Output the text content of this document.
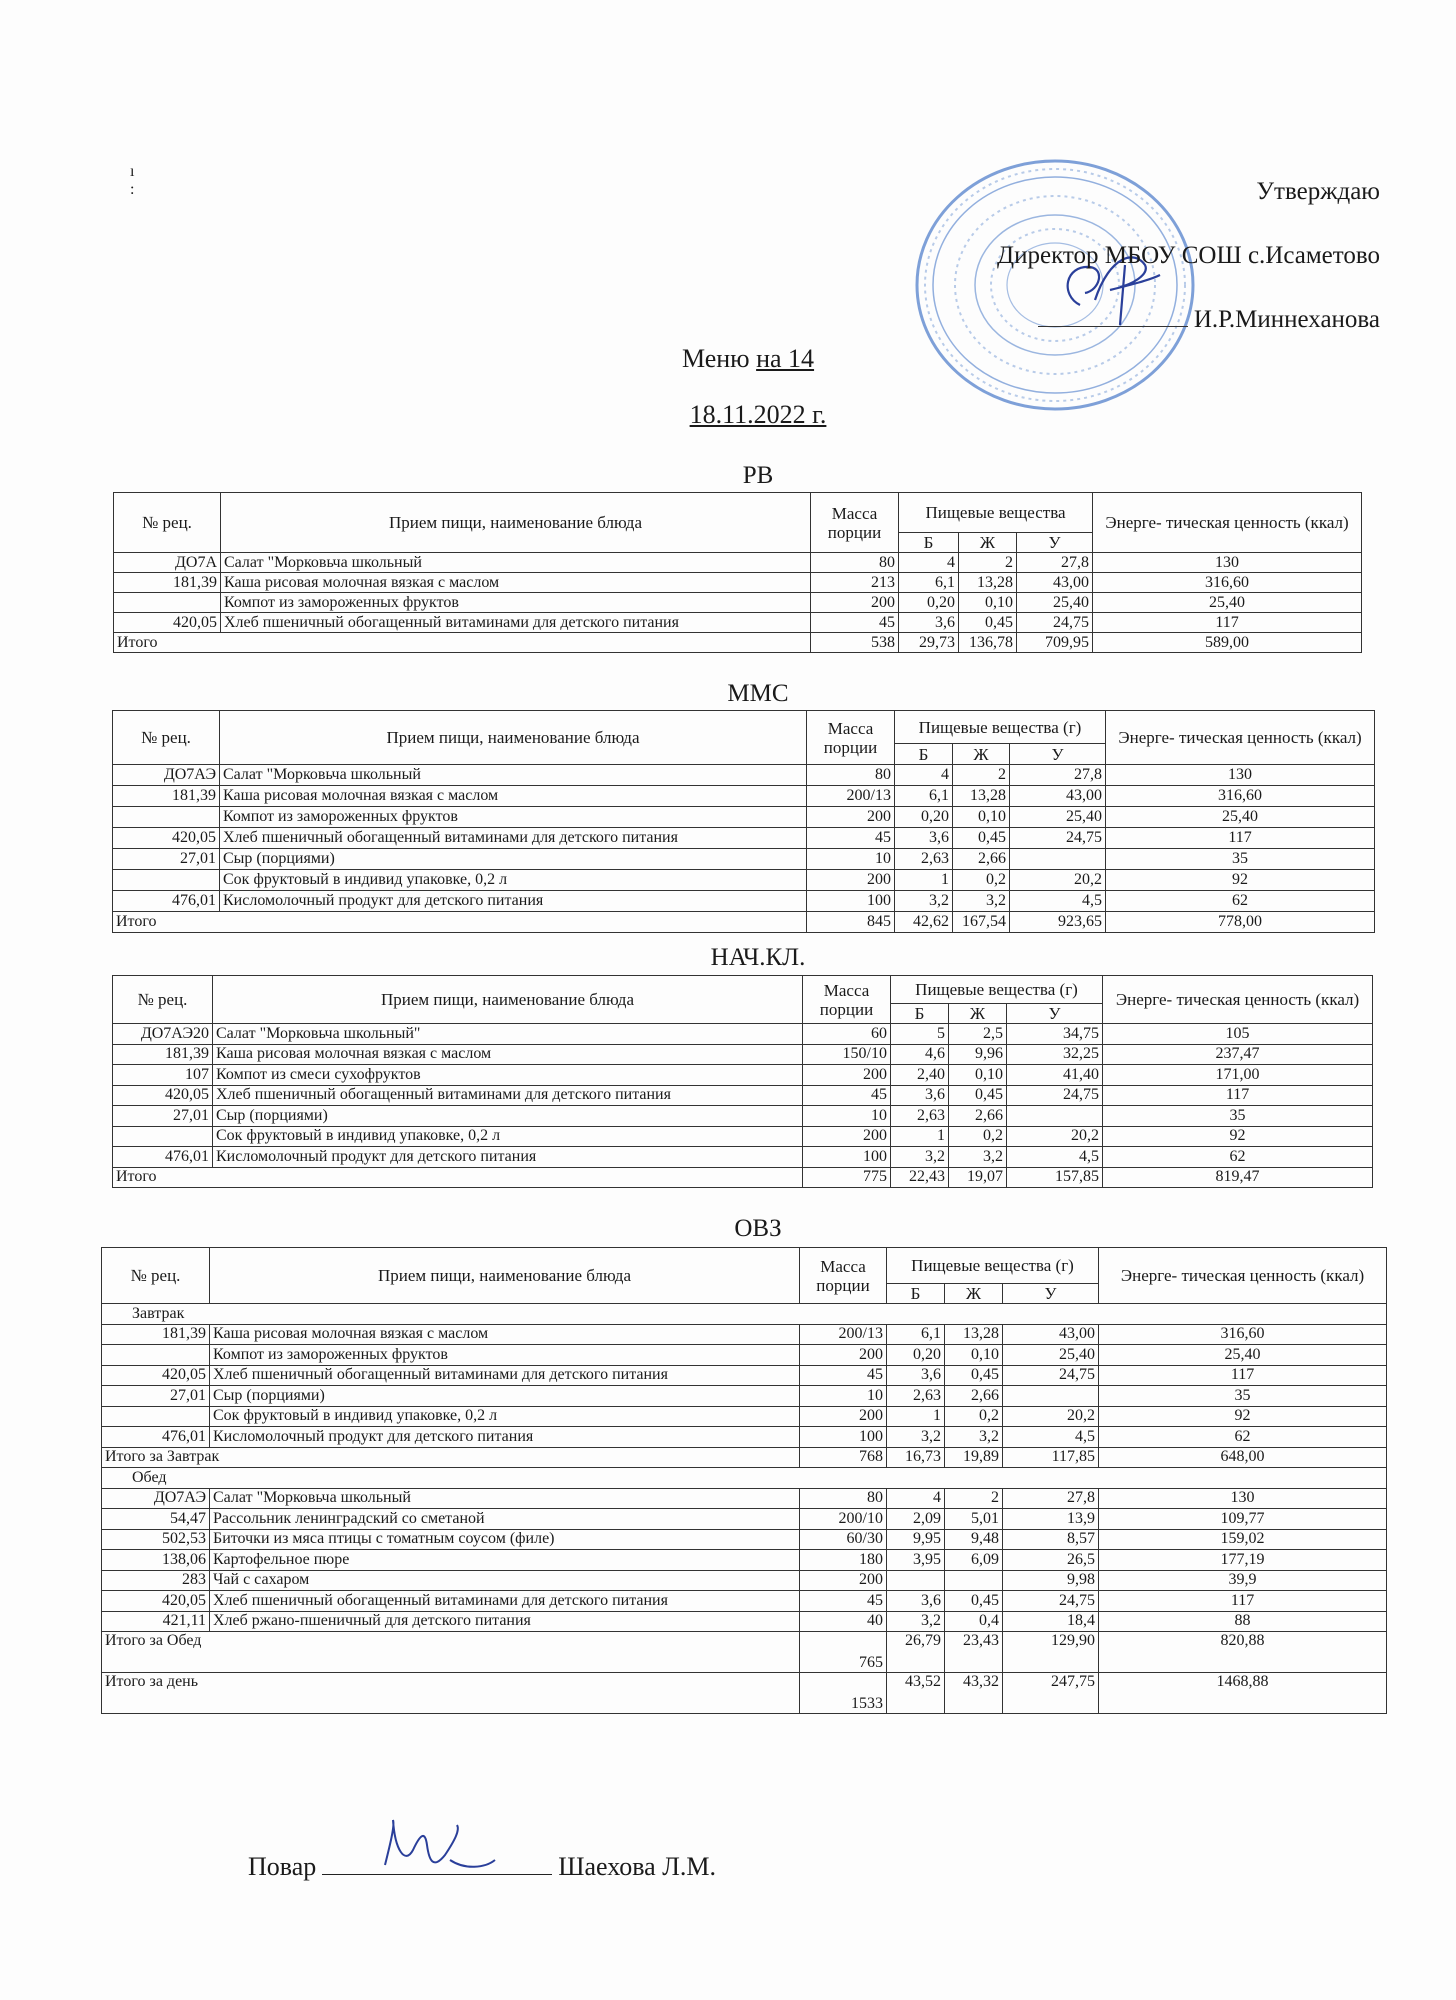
ı
:	Утверждаю
Директор МБОУ СОШ с.Исаметово
И.Р.Миннеханова
Меню на 14
18.11.2022 г.
РВ
№ рец.	Прием пищи, наименование блюда	Масса порции	Пищевые вещества			Энерге- тическая ценность (ккал)
			Б	Ж	У	
ДО7А	Салат "Морковьча школьный	80	4	2	27,8	130
181,39	Каша рисовая молочная вязкая с маслом	213	6,1	13,28	43,00	316,60
	Компот из замороженных фруктов	200	0,20	0,10	25,40	25,40
420,05	Хлеб пшеничный обогащенный витаминами для детского питания	45	3,6	0,45	24,75	117
Итого		538	29,73	136,78	709,95	589,00
ММС
№ рец.	Прием пищи, наименование блюда	Масса порции	Пищевые вещества (г)			Энерге- тическая ценность (ккал)
			Б	Ж	У	
ДО7АЭ	Салат "Морковьча школьный	80	4	2	27,8	130
181,39	Каша рисовая молочная вязкая с маслом	200/13	6,1	13,28	43,00	316,60
	Компот из замороженных фруктов	200	0,20	0,10	25,40	25,40
420,05	Хлеб пшеничный обогащенный витаминами для детского питания	45	3,6	0,45	24,75	117
27,01	Сыр (порциями)	10	2,63	2,66		35
	Сок фруктовый в индивид упаковке, 0,2 л	200	1	0,2	20,2	92
476,01	Кисломолочный продукт для детского питания	100	3,2	3,2	4,5	62
Итого		845	42,62	167,54	923,65	778,00
НАЧ.КЛ.
№ рец.	Прием пищи, наименование блюда	Масса порции	Пищевые вещества (г)			Энерге- тическая ценность (ккал)
			Б	Ж	У	
ДО7АЭ20	Салат "Морковьча школьный"	60	5	2,5	34,75	105
181,39	Каша рисовая молочная вязкая с маслом	150/10	4,6	9,96	32,25	237,47
107	Компот из смеси сухофруктов	200	2,40	0,10	41,40	171,00
420,05	Хлеб пшеничный обогащенный витаминами для детского питания	45	3,6	0,45	24,75	117
27,01	Сыр (порциями)	10	2,63	2,66		35
	Сок фруктовый в индивид упаковке, 0,2 л	200	1	0,2	20,2	92
476,01	Кисломолочный продукт для детского питания	100	3,2	3,2	4,5	62
Итого		775	22,43	19,07	157,85	819,47
ОВЗ
№ рец.	Прием пищи, наименование блюда	Масса порции	Пищевые вещества (г)			Энерге- тическая ценность (ккал)
			Б	Ж	У	
Завтрак						
181,39	Каша рисовая молочная вязкая с маслом	200/13	6,1	13,28	43,00	316,60
	Компот из замороженных фруктов	200	0,20	0,10	25,40	25,40
420,05	Хлеб пшеничный обогащенный витаминами для детского питания	45	3,6	0,45	24,75	117
27,01	Сыр (порциями)	10	2,63	2,66		35
	Сок фруктовый в индивид упаковке, 0,2 л	200	1	0,2	20,2	92
476,01	Кисломолочный продукт для детского питания	100	3,2	3,2	4,5	62
Итого за Завтрак		768	16,73	19,89	117,85	648,00
Обед						
ДО7АЭ	Салат "Морковьча школьный	80	4	2	27,8	130
54,47	Рассольник ленинградский со сметаной	200/10	2,09	5,01	13,9	109,77
502,53	Биточки из мяса птицы с томатным соусом (филе)	60/30	9,95	9,48	8,57	159,02
138,06	Картофельное пюре	180	3,95	6,09	26,5	177,19
283	Чай с сахаром	200			9,98	39,9
420,05	Хлеб пшеничный обогащенный витаминами для детского питания	45	3,6	0,45	24,75	117
421,11	Хлеб ржано-пшеничный для детского питания	40	3,2	0,4	18,4	88
Итого за Обед		765	26,79	23,43	129,90	820,88
Итого за день		1533	43,52	43,32	247,75	1468,88
Повар	Шаехова Л.М.
